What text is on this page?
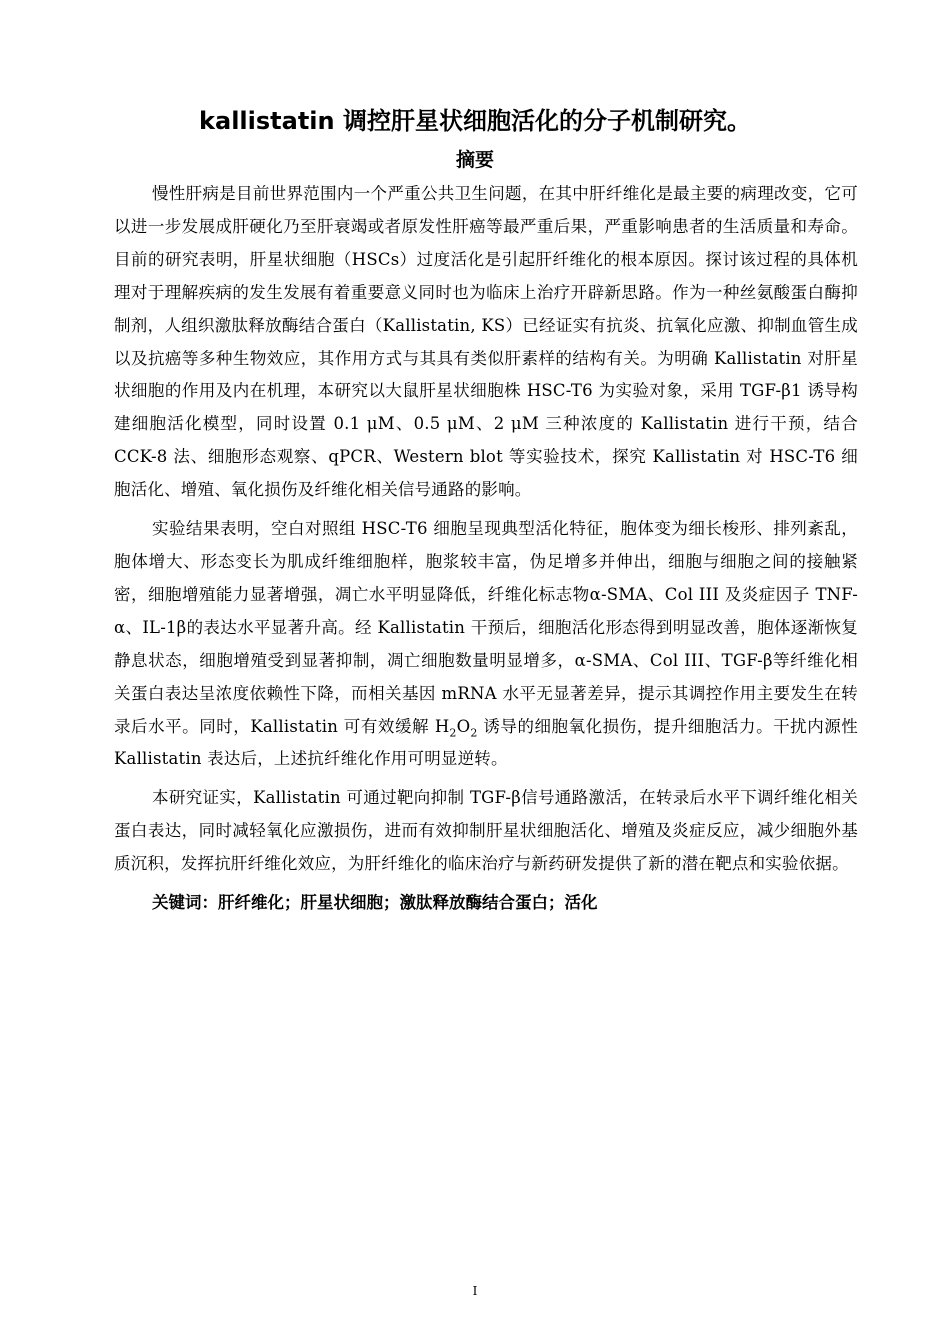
kallistatin 调控肝星状细胞活化的分子机制研究。
摘要

慢性肝病是目前世界范围内一个严重公共卫生问题，在其中肝纤维化是最主要的病理改变，它可以进一步发展成肝硬化乃至肝衰竭或者原发性肝癌等最严重后果，严重影响患者的生活质量和寿命。目前的研究表明，肝星状细胞（HSCs）过度活化是引起肝纤维化的根本原因。探讨该过程的具体机理对于理解疾病的发生发展有着重要意义同时也为临床上治疗开辟新思路。作为一种丝氨酸蛋白酶抑制剂，人组织激肽释放酶结合蛋白（Kallistatin, KS）已经证实有抗炎、抗氧化应激、抑制血管生成以及抗癌等多种生物效应，其作用方式与其具有类似肝素样的结构有关。为明确 Kallistatin 对肝星状细胞的作用及内在机理，本研究以大鼠肝星状细胞株 HSC-T6 为实验对象，采用 TGF-β1 诱导构建细胞活化模型，同时设置 0.1 μM、0.5 μM、2 μM 三种浓度的 Kallistatin 进行干预，结合 CCK-8 法、细胞形态观察、qPCR、Western blot 等实验技术，探究 Kallistatin 对 HSC-T6 细胞活化、增殖、氧化损伤及纤维化相关信号通路的影响。

实验结果表明，空白对照组 HSC-T6 细胞呈现典型活化特征，胞体变为细长梭形、排列紊乱，胞体增大、形态变长为肌成纤维细胞样，胞浆较丰富，伪足增多并伸出，细胞与细胞之间的接触紧密，细胞增殖能力显著增强，凋亡水平明显降低，纤维化标志物α-SMA、Col III 及炎症因子 TNF-α、IL-1β的表达水平显著升高。经 Kallistatin 干预后，细胞活化形态得到明显改善，胞体逐渐恢复静息状态，细胞增殖受到显著抑制，凋亡细胞数量明显增多，α-SMA、Col III、TGF-β等纤维化相关蛋白表达呈浓度依赖性下降，而相关基因 mRNA 水平无显著差异，提示其调控作用主要发生在转录后水平。同时，Kallistatin 可有效缓解 $H_2O_2$ 诱导的细胞氧化损伤，提升细胞活力。干扰内源性 Kallistatin 表达后，上述抗纤维化作用可明显逆转。

本研究证实，Kallistatin 可通过靶向抑制 TGF-β信号通路激活，在转录后水平下调纤维化相关蛋白表达，同时减轻氧化应激损伤，进而有效抑制肝星状细胞活化、增殖及炎症反应，减少细胞外基质沉积，发挥抗肝纤维化效应，为肝纤维化的临床治疗与新药研发提供了新的潜在靶点和实验依据。

关键词：肝纤维化；肝星状细胞；激肽释放酶结合蛋白；活化

I
